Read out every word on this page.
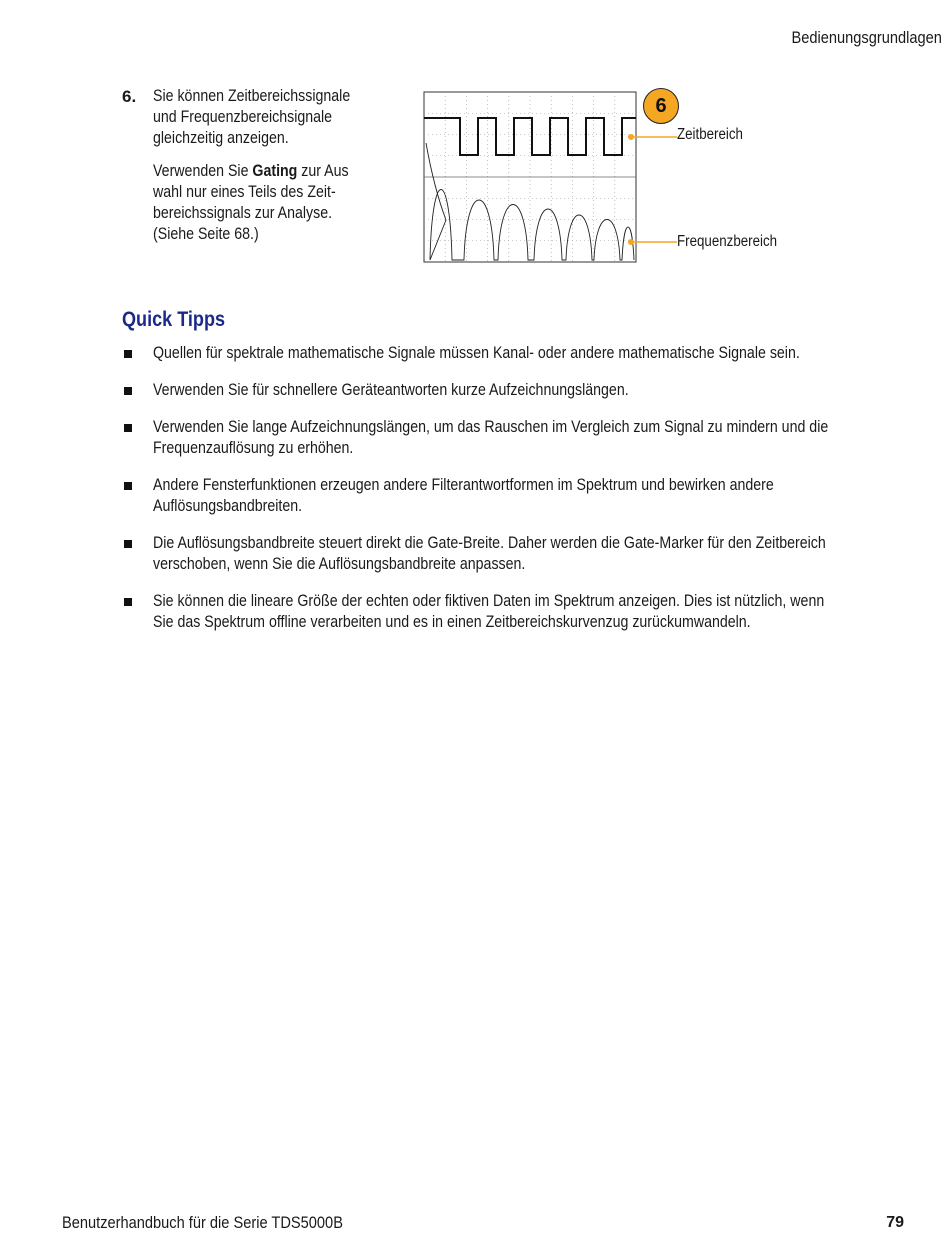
Bedienungsgrundlagen
6. Sie können Zeitbereichssignale
und Frequenzbereichsignale
gleichzeitig anzeigen.

Verwenden Sie Gating zur Aus
wahl nur eines Teils des Zeit-
bereichssignals zur Analyse.
(Siehe Seite 68.)

6
Zeitbereich
Frequenzbereich
Quick Tipps
Quellen für spektrale mathematische Signale müssen Kanal- oder andere mathematische Signale sein.
Verwenden Sie für schnellere Geräteantworten kurze Aufzeichnungslängen.
Verwenden Sie lange Aufzeichnungslängen, um das Rauschen im Vergleich zum Signal zu mindern und die
Frequenzauflösung zu erhöhen.
Andere Fensterfunktionen erzeugen andere Filterantwortformen im Spektrum und bewirken andere
Auflösungsbandbreiten.
Die Auflösungsbandbreite steuert direkt die Gate-Breite. Daher werden die Gate-Marker für den Zeitbereich
verschoben, wenn Sie die Auflösungsbandbreite anpassen.
Sie können die lineare Größe der echten oder fiktiven Daten im Spektrum anzeigen. Dies ist nützlich, wenn
Sie das Spektrum offline verarbeiten und es in einen Zeitbereichskurvenzug zurückumwandeln.
Benutzerhandbuch für die Serie TDS5000B	79
